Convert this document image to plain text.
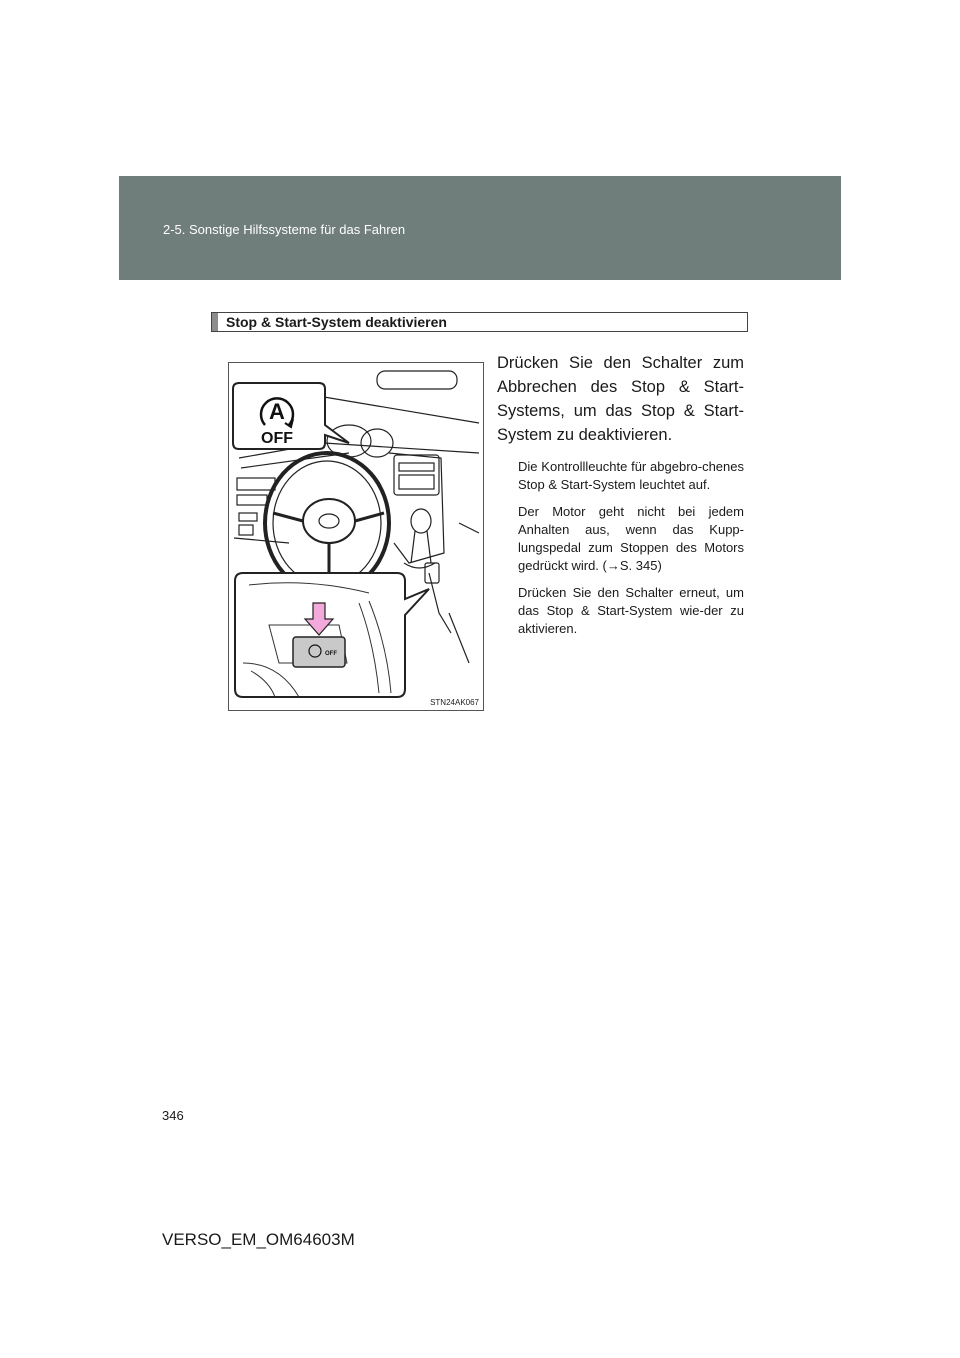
2-5. Sonstige Hilfssysteme für das Fahren
Stop & Start-System deaktivieren
A
OFF
OFF
STN24AK067
Drücken Sie den Schalter zum Abbrechen des Stop & Start-Systems, um das Stop & Start-System zu deaktivieren.

Die Kontrollleuchte für abgebro-chenes Stop & Start-System leuchtet auf.

Der Motor geht nicht bei jedem Anhalten aus, wenn das Kupp-lungspedal zum Stoppen des Motors gedrückt wird. (→S. 345)

Drücken Sie den Schalter erneut, um das Stop & Start-System wie-der zu aktivieren.

346
VERSO_EM_OM64603M
